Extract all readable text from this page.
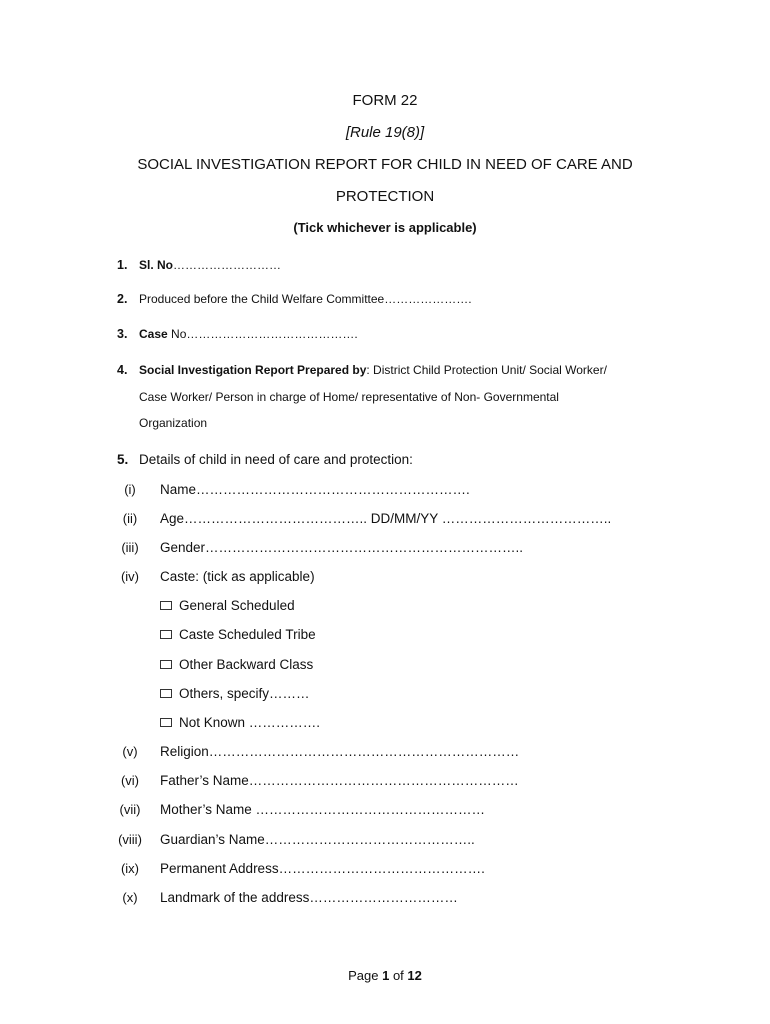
FORM 22
[Rule 19(8)]
SOCIAL INVESTIGATION REPORT FOR CHILD IN NEED OF CARE AND
PROTECTION
(Tick whichever is applicable)
1. Sl. No………………………
2. Produced before the Child Welfare Committee………………….
3. Case No…………………………………….
4. Social Investigation Report Prepared by: District Child Protection Unit/ Social Worker/
Case Worker/ Person in charge of Home/ representative of Non- Governmental
Organization
5. Details of child in need of care and protection:
(i)	Name…………………………………………………….
(ii)	Age………………………………….. DD/MM/YY ………………………………..
(iii)	Gender……………………………………………………………..
(iv)	Caste: (tick as applicable)
General Scheduled
Caste Scheduled Tribe
Other Backward Class
Others, specify………
Not Known …………….
(v)	Religion……………………………………………………………
(vi)	Father’s Name……………………………………………………
(vii)	Mother’s Name ……………………………………………
(viii)	Guardian’s Name………………………………………..
(ix)	Permanent Address……………………………………….
(x)	Landmark of the address……………………………
Page 1 of 12
